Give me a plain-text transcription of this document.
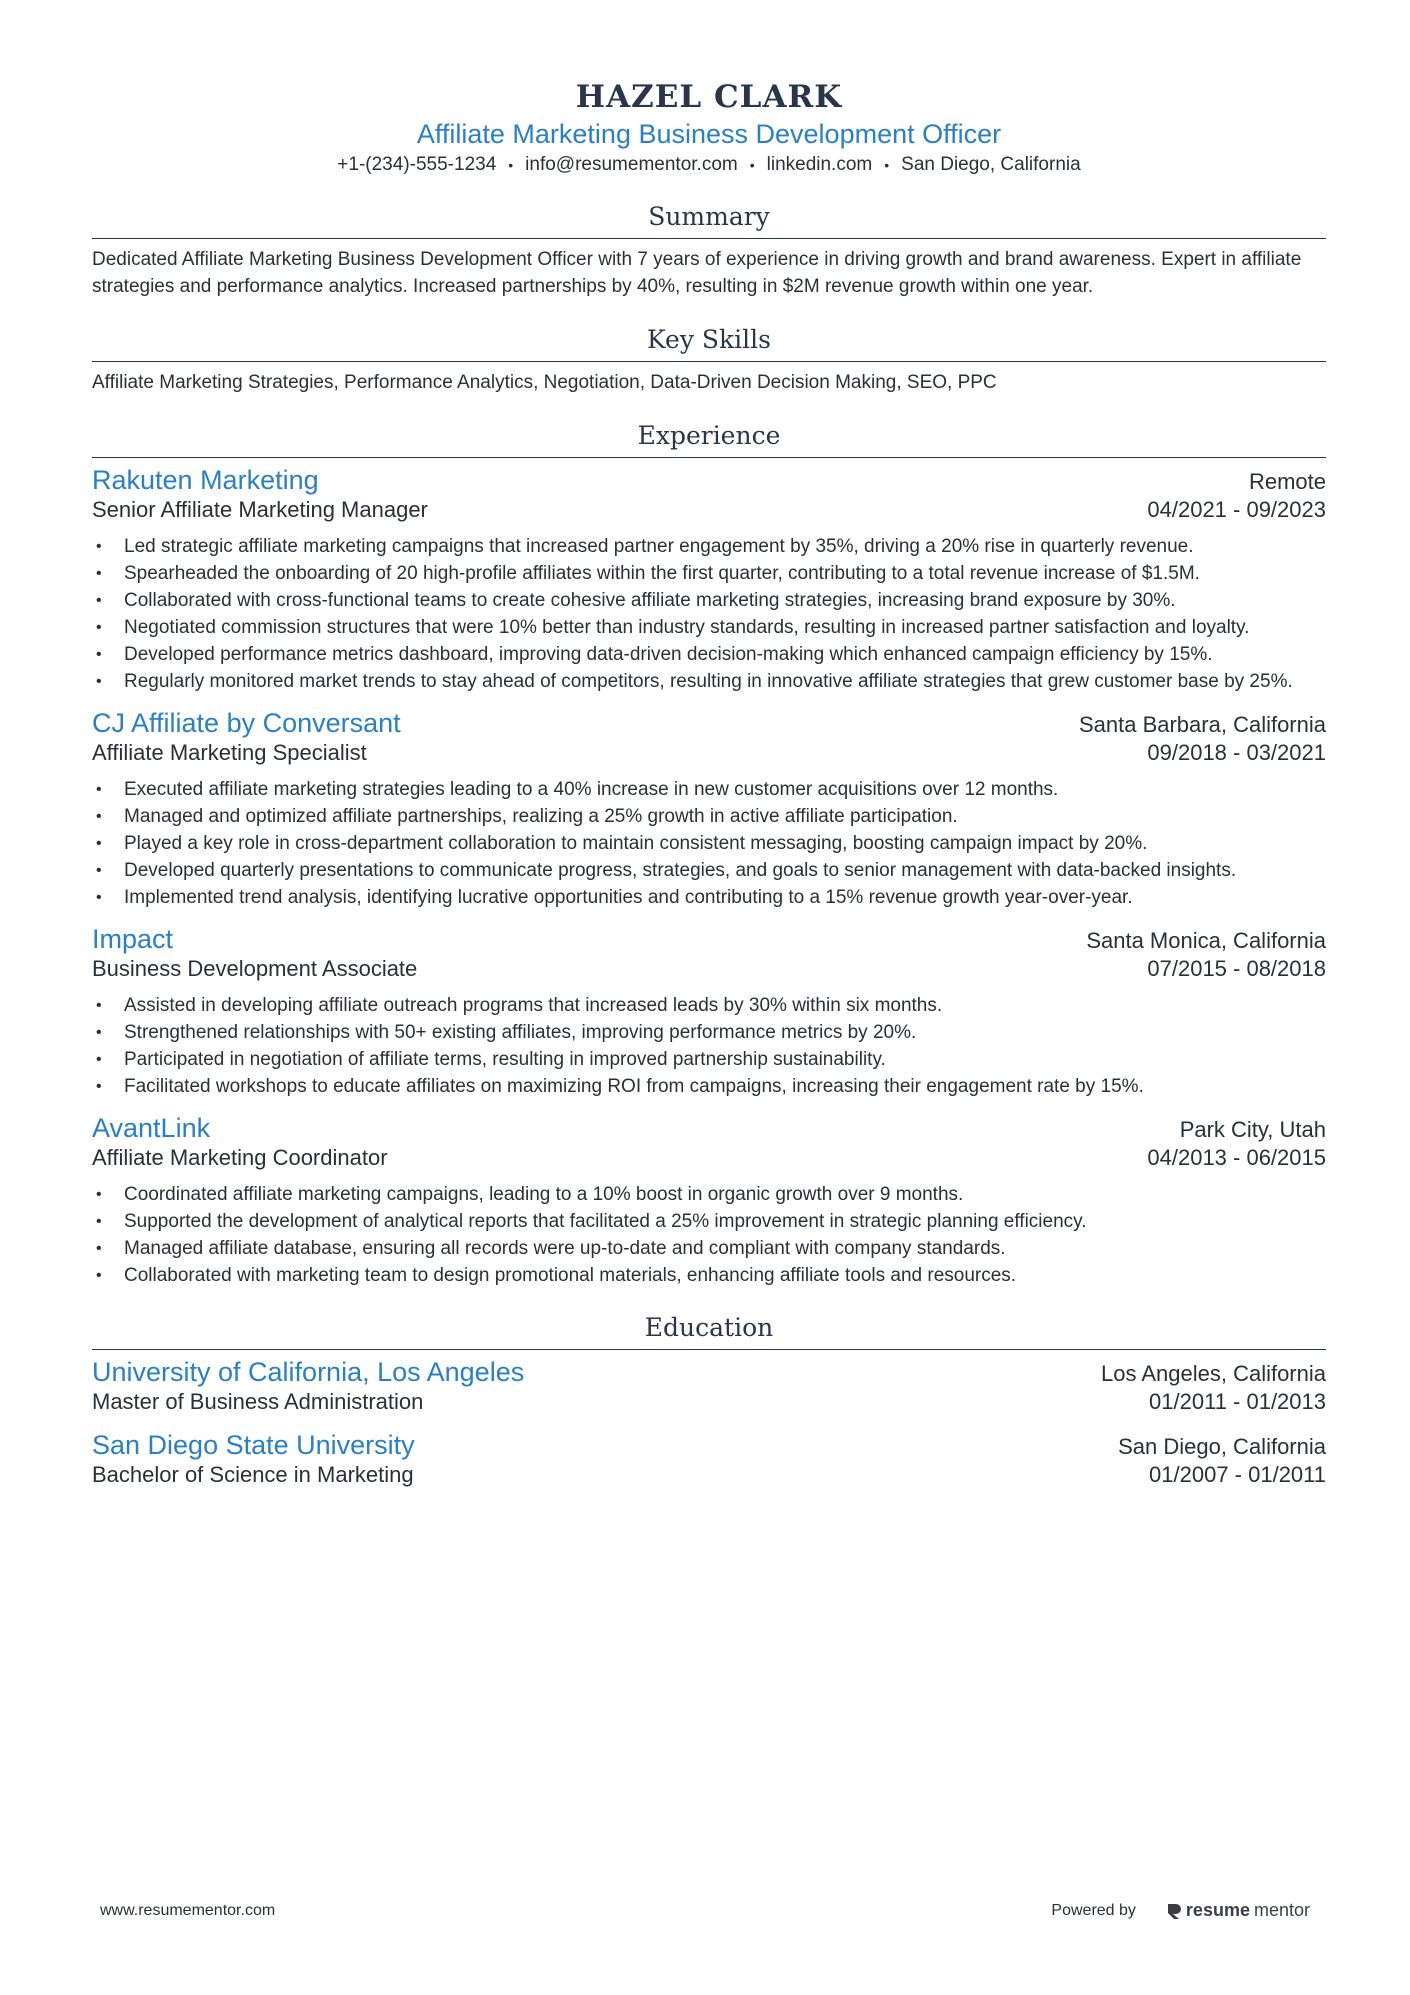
HAZEL CLARK
Affiliate Marketing Business Development Officer
+1-(234)-555-1234 • info@resumementor.com • linkedin.com • San Diego, California
Summary
Dedicated Affiliate Marketing Business Development Officer with 7 years of experience in driving growth and brand awareness. Expert in affiliate strategies and performance analytics. Increased partnerships by 40%, resulting in $2M revenue growth within one year.
Key Skills
Affiliate Marketing Strategies, Performance Analytics, Negotiation, Data-Driven Decision Making, SEO, PPC
Experience
Rakuten Marketing	Remote
Senior Affiliate Marketing Manager	04/2021 - 09/2023
• Led strategic affiliate marketing campaigns that increased partner engagement by 35%, driving a 20% rise in quarterly revenue.
• Spearheaded the onboarding of 20 high-profile affiliates within the first quarter, contributing to a total revenue increase of $1.5M.
• Collaborated with cross-functional teams to create cohesive affiliate marketing strategies, increasing brand exposure by 30%.
• Negotiated commission structures that were 10% better than industry standards, resulting in increased partner satisfaction and loyalty.
• Developed performance metrics dashboard, improving data-driven decision-making which enhanced campaign efficiency by 15%.
• Regularly monitored market trends to stay ahead of competitors, resulting in innovative affiliate strategies that grew customer base by 25%.
CJ Affiliate by Conversant	Santa Barbara, California
Affiliate Marketing Specialist	09/2018 - 03/2021
• Executed affiliate marketing strategies leading to a 40% increase in new customer acquisitions over 12 months.
• Managed and optimized affiliate partnerships, realizing a 25% growth in active affiliate participation.
• Played a key role in cross-department collaboration to maintain consistent messaging, boosting campaign impact by 20%.
• Developed quarterly presentations to communicate progress, strategies, and goals to senior management with data-backed insights.
• Implemented trend analysis, identifying lucrative opportunities and contributing to a 15% revenue growth year-over-year.
Impact	Santa Monica, California
Business Development Associate	07/2015 - 08/2018
• Assisted in developing affiliate outreach programs that increased leads by 30% within six months.
• Strengthened relationships with 50+ existing affiliates, improving performance metrics by 20%.
• Participated in negotiation of affiliate terms, resulting in improved partnership sustainability.
• Facilitated workshops to educate affiliates on maximizing ROI from campaigns, increasing their engagement rate by 15%.
AvantLink	Park City, Utah
Affiliate Marketing Coordinator	04/2013 - 06/2015
• Coordinated affiliate marketing campaigns, leading to a 10% boost in organic growth over 9 months.
• Supported the development of analytical reports that facilitated a 25% improvement in strategic planning efficiency.
• Managed affiliate database, ensuring all records were up-to-date and compliant with company standards.
• Collaborated with marketing team to design promotional materials, enhancing affiliate tools and resources.
Education
University of California, Los Angeles	Los Angeles, California
Master of Business Administration	01/2011 - 01/2013
San Diego State University	San Diego, California
Bachelor of Science in Marketing	01/2007 - 01/2011
www.resumementor.com	Powered by	resume mentor
